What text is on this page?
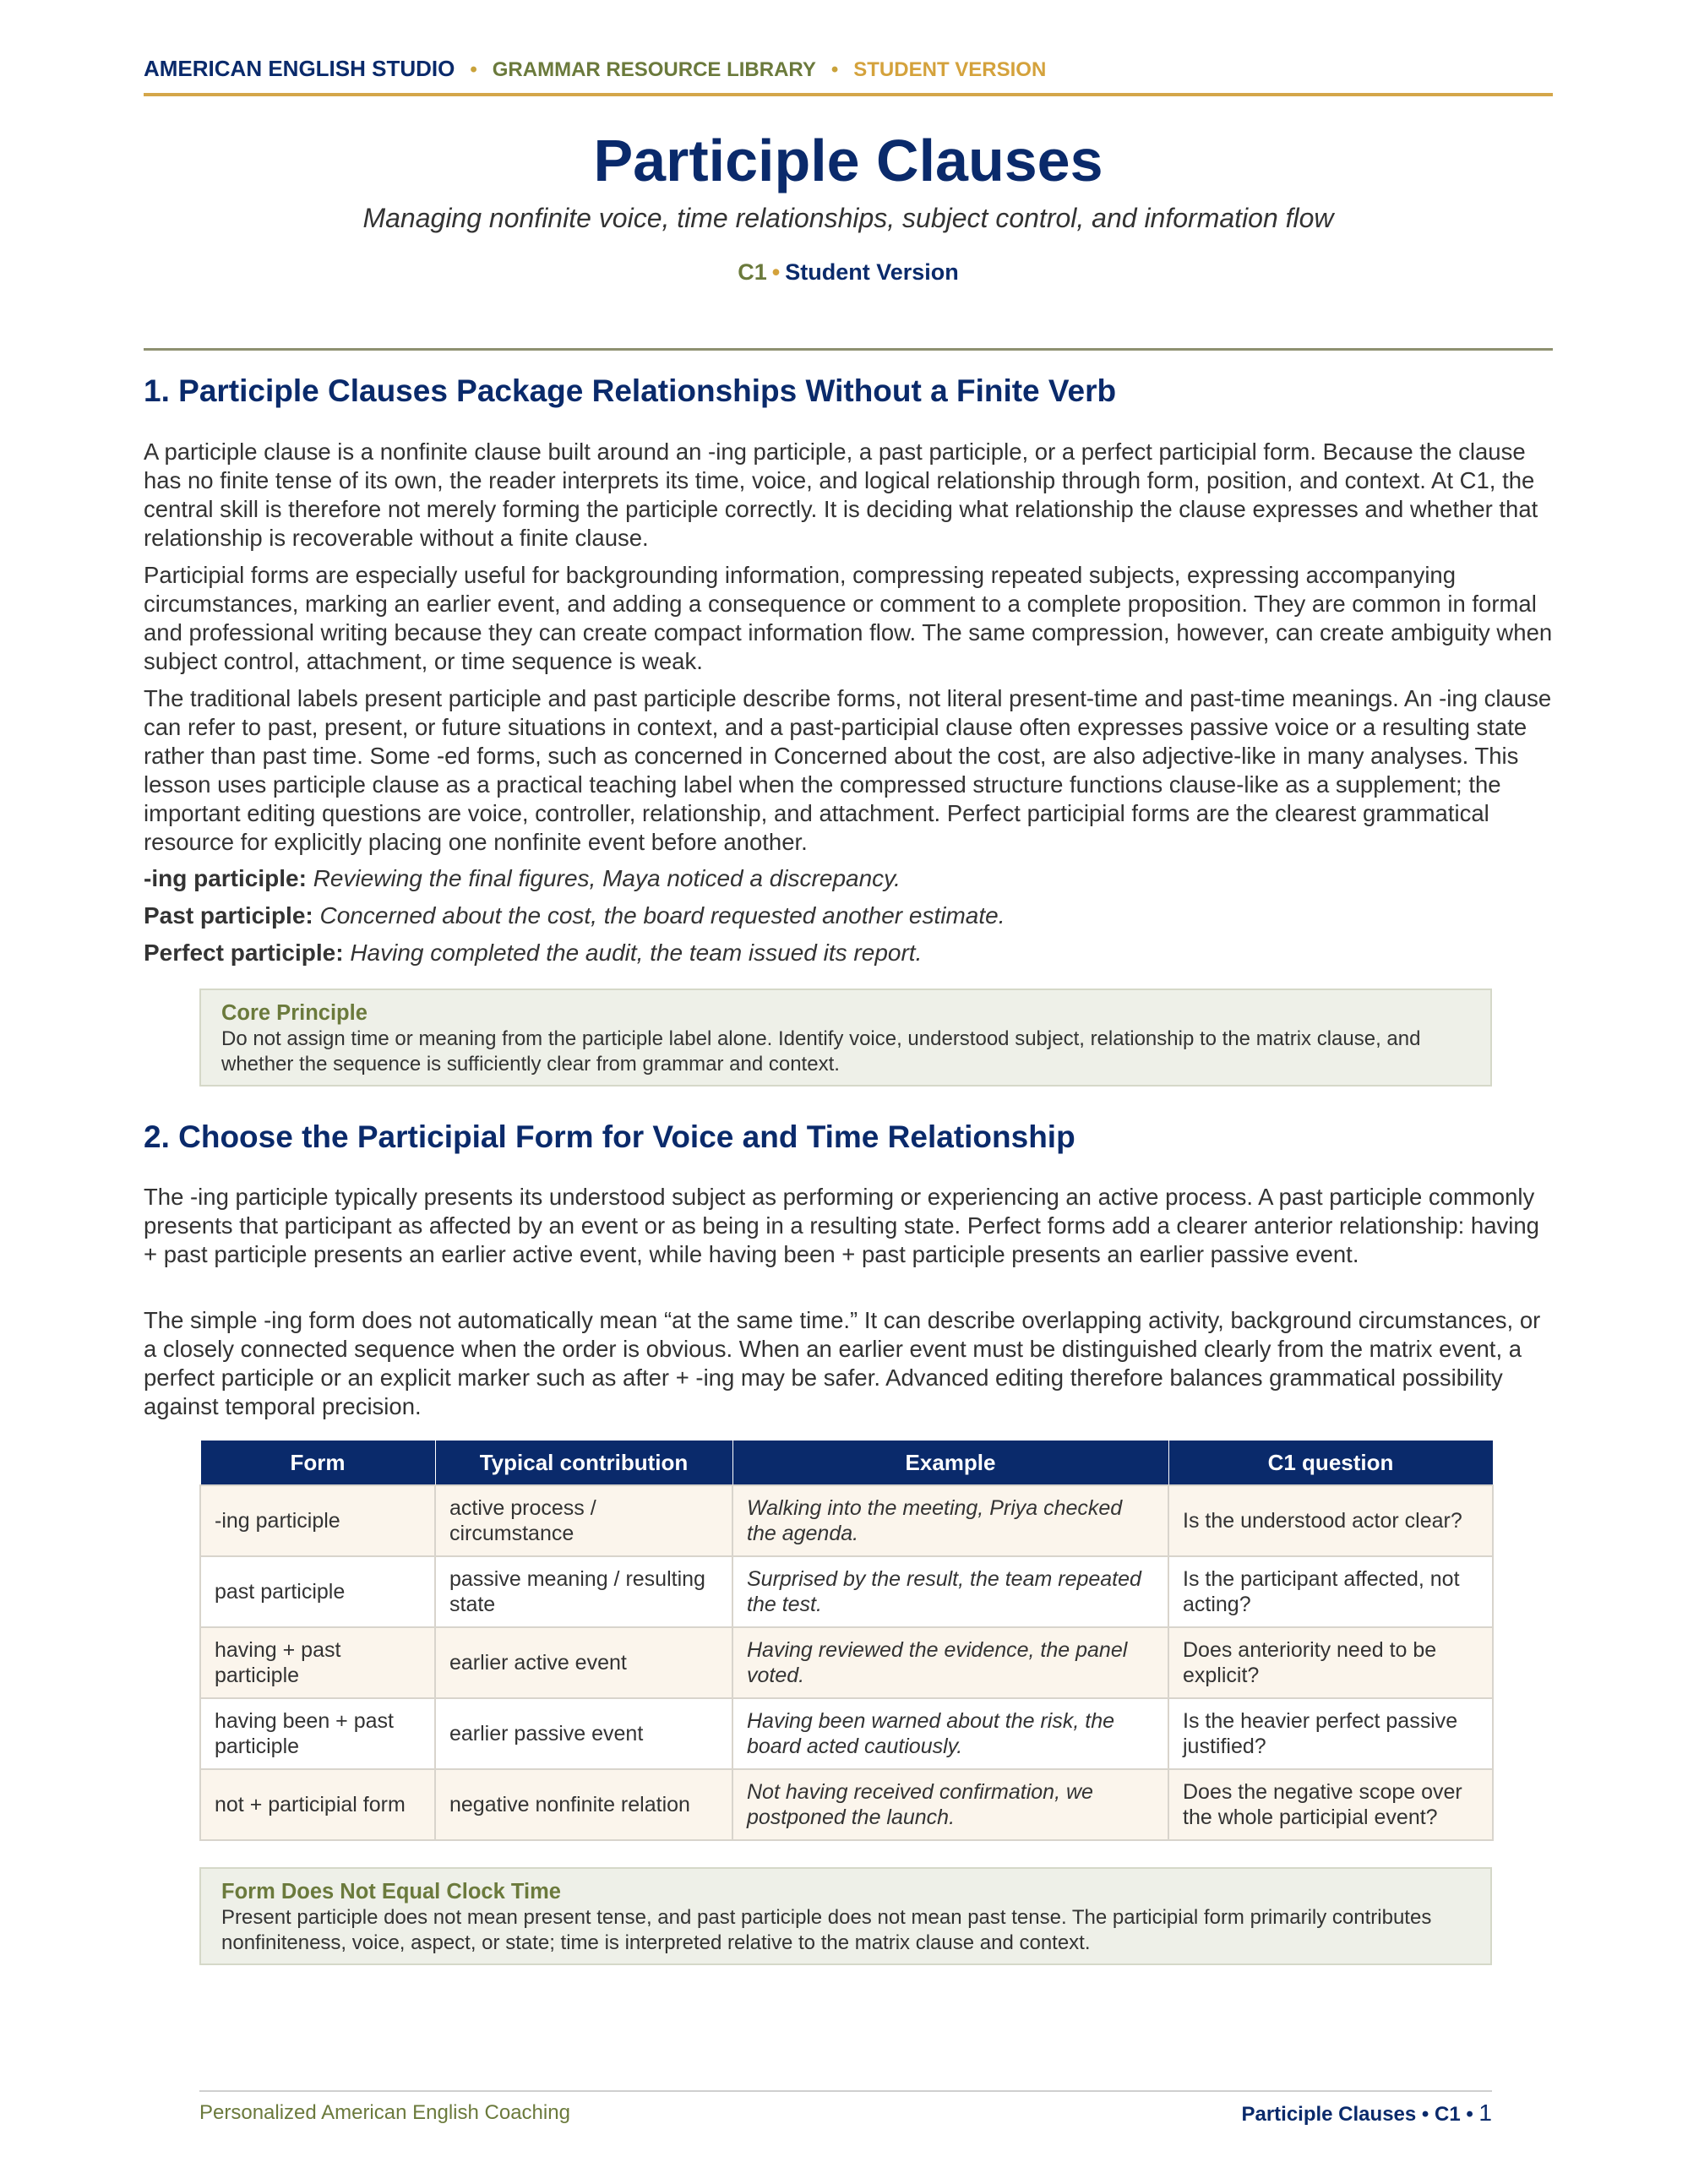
AMERICAN ENGLISH STUDIO • GRAMMAR RESOURCE LIBRARY • STUDENT VERSION
Participle Clauses
Managing nonfinite voice, time relationships, subject control, and information flow
C1 • Student Version
1. Participle Clauses Package Relationships Without a Finite Verb

A participle clause is a nonfinite clause built around an -ing participle, a past participle, or a perfect participial form. Because the clause has no finite tense of its own, the reader interprets its time, voice, and logical relationship through form, position, and context. At C1, the central skill is therefore not merely forming the participle correctly. It is deciding what relationship the clause expresses and whether that relationship is recoverable without a finite clause.

Participial forms are especially useful for backgrounding information, compressing repeated subjects, expressing accompanying circumstances, marking an earlier event, and adding a consequence or comment to a complete proposition. They are common in formal and professional writing because they can create compact information flow. The same compression, however, can create ambiguity when subject control, attachment, or time sequence is weak.

The traditional labels present participle and past participle describe forms, not literal present-time and past-time meanings. An -ing clause can refer to past, present, or future situations in context, and a past-participial clause often expresses passive voice or a resulting state rather than past time. Some -ed forms, such as concerned in Concerned about the cost, are also adjective-like in many analyses. This lesson uses participle clause as a practical teaching label when the compressed structure functions clause-like as a supplement; the important editing questions are voice, controller, relationship, and attachment. Perfect participial forms are the clearest grammatical resource for explicitly placing one nonfinite event before another.

-ing participle: Reviewing the final figures, Maya noticed a discrepancy.
Past participle: Concerned about the cost, the board requested another estimate.
Perfect participle: Having completed the audit, the team issued its report.
Core Principle
Do not assign time or meaning from the participle label alone. Identify voice, understood subject, relationship to the matrix clause, and whether the sequence is sufficiently clear from grammar and context.
2. Choose the Participial Form for Voice and Time Relationship

The -ing participle typically presents its understood subject as performing or experiencing an active process. A past participle commonly presents that participant as affected by an event or as being in a resulting state. Perfect forms add a clearer anterior relationship: having + past participle presents an earlier active event, while having been + past participle presents an earlier passive event.

The simple -ing form does not automatically mean “at the same time.” It can describe overlapping activity, background circumstances, or a closely connected sequence when the order is obvious. When an earlier event must be distinguished clearly from the matrix event, a perfect participle or an explicit marker such as after + -ing may be safer. Advanced editing therefore balances grammatical possibility against temporal precision.

Form	Typical contribution	Example	C1 question
-ing participle	active process / circumstance	Walking into the meeting, Priya checked the agenda.	Is the understood actor clear?
past participle	passive meaning / resulting state	Surprised by the result, the team repeated the test.	Is the participant affected, not acting?
having + past participle	earlier active event	Having reviewed the evidence, the panel voted.	Does anteriority need to be explicit?
having been + past participle	earlier passive event	Having been warned about the risk, the board acted cautiously.	Is the heavier perfect passive justified?
not + participial form	negative nonfinite relation	Not having received confirmation, we postponed the launch.	Does the negative scope over the whole participial event?
Form Does Not Equal Clock Time
Present participle does not mean present tense, and past participle does not mean past tense. The participial form primarily contributes nonfiniteness, voice, aspect, or state; time is interpreted relative to the matrix clause and context.
Personalized American English Coaching	Participle Clauses • C1 • 1
